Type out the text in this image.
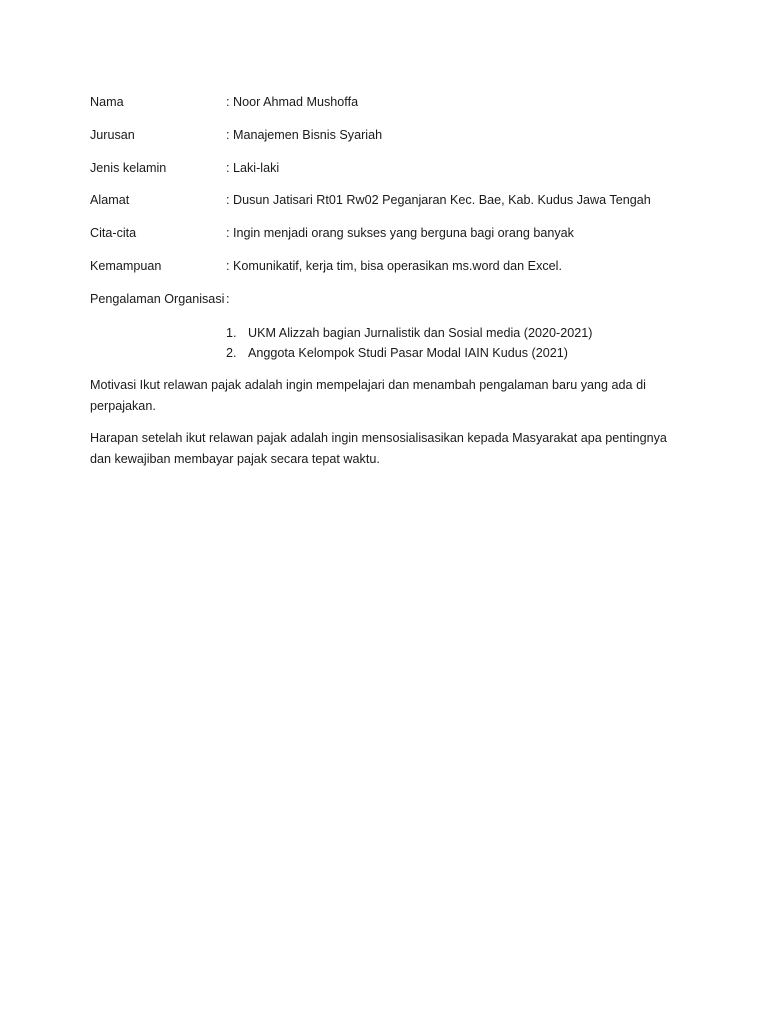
Nama	: Noor Ahmad Mushoffa
Jurusan	: Manajemen Bisnis Syariah
Jenis kelamin	: Laki-laki
Alamat	: Dusun Jatisari Rt01 Rw02 Peganjaran Kec. Bae, Kab. Kudus Jawa Tengah
Cita-cita	: Ingin menjadi orang sukses yang berguna bagi orang banyak
Kemampuan	: Komunikatif, kerja tim, bisa operasikan ms.word dan Excel.
Pengalaman Organisasi :
1. UKM Alizzah bagian Jurnalistik dan Sosial media (2020-2021)
2. Anggota Kelompok Studi Pasar Modal IAIN Kudus (2021)

Motivasi Ikut relawan pajak adalah ingin mempelajari dan menambah pengalaman baru yang ada di perpajakan.

Harapan setelah ikut relawan pajak adalah ingin mensosialisasikan kepada Masyarakat apa pentingnya dan kewajiban membayar pajak secara tepat waktu.
